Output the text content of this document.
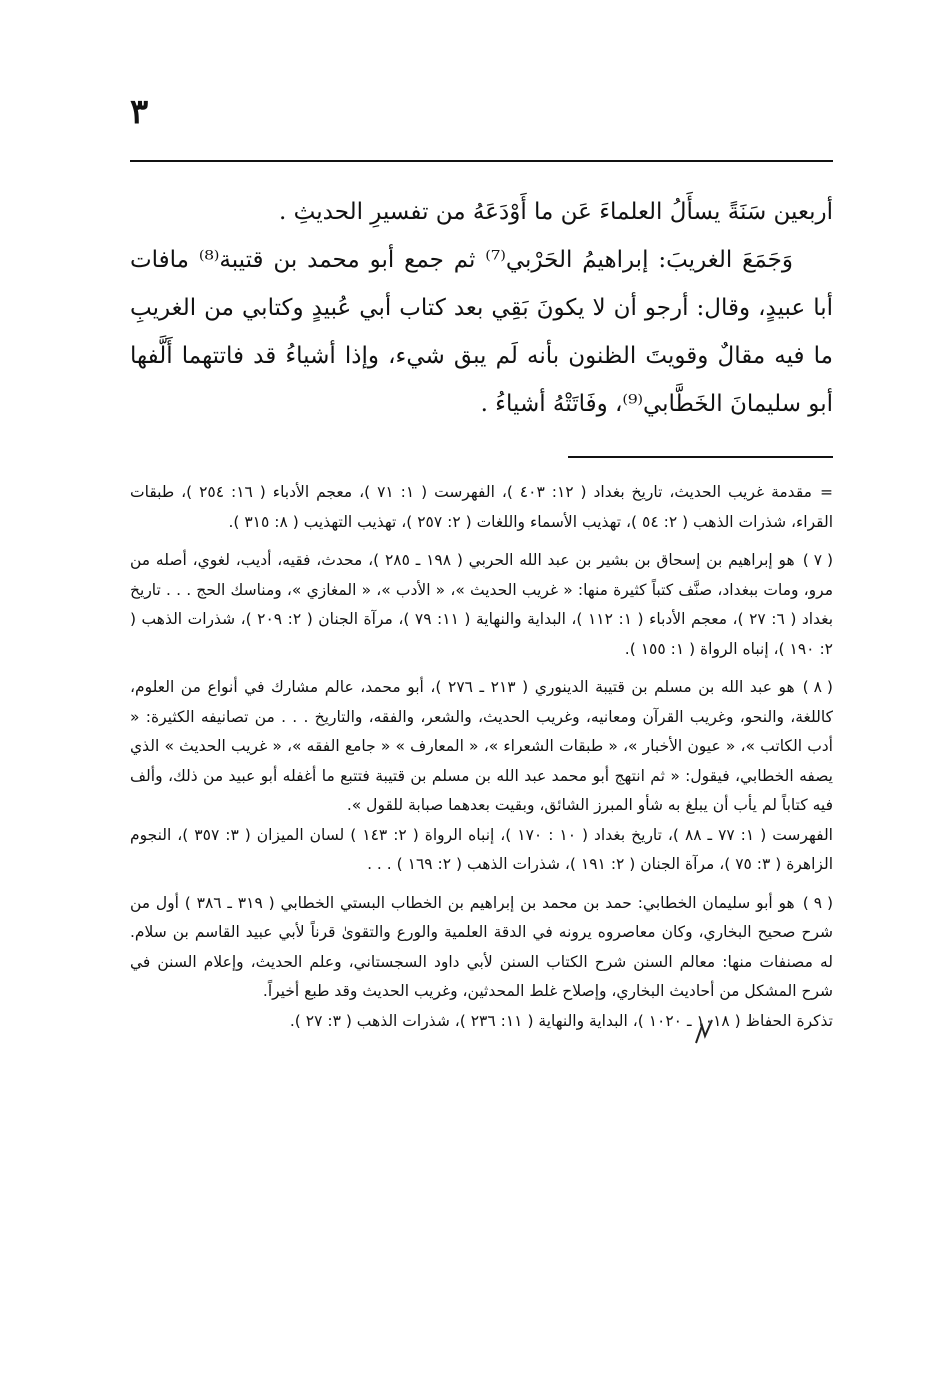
٣

أربعين سَنَةً يسأَلُ العلماءَ عَن ما أَوْدَعَهُ من تفسيرِ الحديثِ .

وَجَمَعَ الغريبَ: إبراهيمُ الحَرْبي⁽⁷⁾ ثم جمع أبو محمد بن قتيبة⁽⁸⁾ مافات أبا عبيدٍ، وقال: أرجو أن لا يكونَ بَقِي بعد كتاب أبي عُبيدٍ وكتابي من الغريبِ ما فيه مقالٌ وقويتَ الظنون بأنه لَم يبق شيء، وإذا أشياءُ قد فاتتهما أَلَّفها أبو سليمانَ الخَطَّابي⁽⁹⁾، وفَاتَتْهُ أشياءُ .

=مقدمة غريب الحديث، تاريخ بغداد ( ١٢: ٤٠٣ )، الفهرست ( ١: ٧١ )، معجم الأدباء ( ١٦: ٢٥٤ )، طبقات القراء، شذرات الذهب ( ٢: ٥٤ )، تهذيب الأسماء واللغات ( ٢: ٢٥٧ )، تهذيب التهذيب ( ٨: ٣١٥ ).

( ٧ )هو إبراهيم بن إسحاق بن بشير بن عبد الله الحربي ( ١٩٨ ـ ٢٨٥ )، محدث، فقيه، أديب، لغوي، أصله من مرو، ومات ببغداد، صنَّف كتباً كثيرة منها: « غريب الحديث »، « الأدب »، « المغازي »، ومناسك الحج . . . تاريخ بغداد ( ٦: ٢٧ )، معجم الأدباء ( ١: ١١٢ )، البداية والنهاية ( ١١: ٧٩ )، مرآة الجنان ( ٢: ٢٠٩ )، شذرات الذهب ( ٢: ١٩٠ )، إنباه الرواة ( ١: ١٥٥ ).

( ٨ )هو عبد الله بن مسلم بن قتيبة الدينوري ( ٢١٣ ـ ٢٧٦ )، أبو محمد، عالم مشارك في أنواع من العلوم، كاللغة، والنحو، وغريب القرآن ومعانيه، وغريب الحديث، والشعر، والفقه، والتاريخ . . . من تصانيفه الكثيرة: « أدب الكاتب »، « عيون الأخبار »، « طبقات الشعراء »، « المعارف » « جامع الفقه »، « غريب الحديث » الذي يصفه الخطابي، فيقول: « ثم انتهج أبو محمد عبد الله بن مسلم بن قتيبة فتتبع ما أغفله أبو عبيد من ذلك، وألف فيه كتاباً لم يأب أن يبلغ به شأو المبرز الشائق، وبقيت بعدهما صبابة للقول ».

الفهرست ( ١: ٧٧ ـ ٨٨ )، تاريخ بغداد ( ١٠ : ١٧٠ )، إنباه الرواة ( ٢: ١٤٣ ) لسان الميزان ( ٣: ٣٥٧ )، النجوم الزاهرة ( ٣: ٧٥ )، مرآة الجنان ( ٢: ١٩١ )، شذرات الذهب ( ٢: ١٦٩ ) . . .

( ٩ )هو أبو سليمان الخطابي: حمد بن محمد بن إبراهيم بن الخطاب البستي الخطابي ( ٣١٩ ـ ٣٨٦ ) أول من شرح صحيح البخاري، وكان معاصروه يرونه في الدقة العلمية والورع والتقوىٰ قرناً لأبي عبيد القاسم بن سلام. له مصنفات منها: معالم السنن شرح الكتاب السنن لأبي داود السجستاني، وعلم الحديث، وإعلام السنن في شرح المشكل من أحاديث البخاري، وإصلاح غلط المحدثين، وغريب الحديث وقد طبع أخيراً.

تذكرة الحفاظ ( ١٠١٨ ـ ١٠٢٠ )، البداية والنهاية ( ١١: ٢٣٦ )، شذرات الذهب ( ٣: ٢٧ ).
